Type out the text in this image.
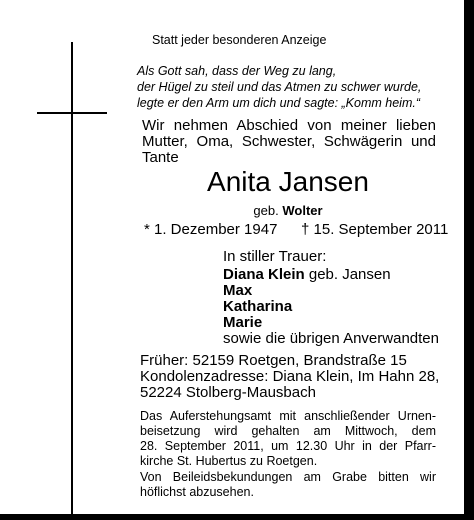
Statt jeder besonderen Anzeige
Als Gott sah, dass der Weg zu lang,
der Hügel zu steil und das Atmen zu schwer wurde,
legte er den Arm um dich und sagte: „Komm heim.“
Wir nehmen Abschied von meiner lieben
Mutter, Oma, Schwester, Schwägerin und
Tante
Anita Jansen
geb. Wolter
* 1. Dezember 1947 † 15. September 2011
In stiller Trauer:
Diana Klein geb. Jansen
Max
Katharina
Marie
sowie die übrigen Anverwandten
Früher: 52159 Roetgen, Brandstraße 15
Kondolenzadresse: Diana Klein, Im Hahn 28,
52224 Stolberg-Mausbach
Das Auferstehungsamt mit anschließender Urnen-
beisetzung wird gehalten am Mittwoch, dem
28. September 2011, um 12.30 Uhr in der Pfarr-
kirche St. Hubertus zu Roetgen.
Von Beileidsbekundungen am Grabe bitten wir
höflichst abzusehen.
